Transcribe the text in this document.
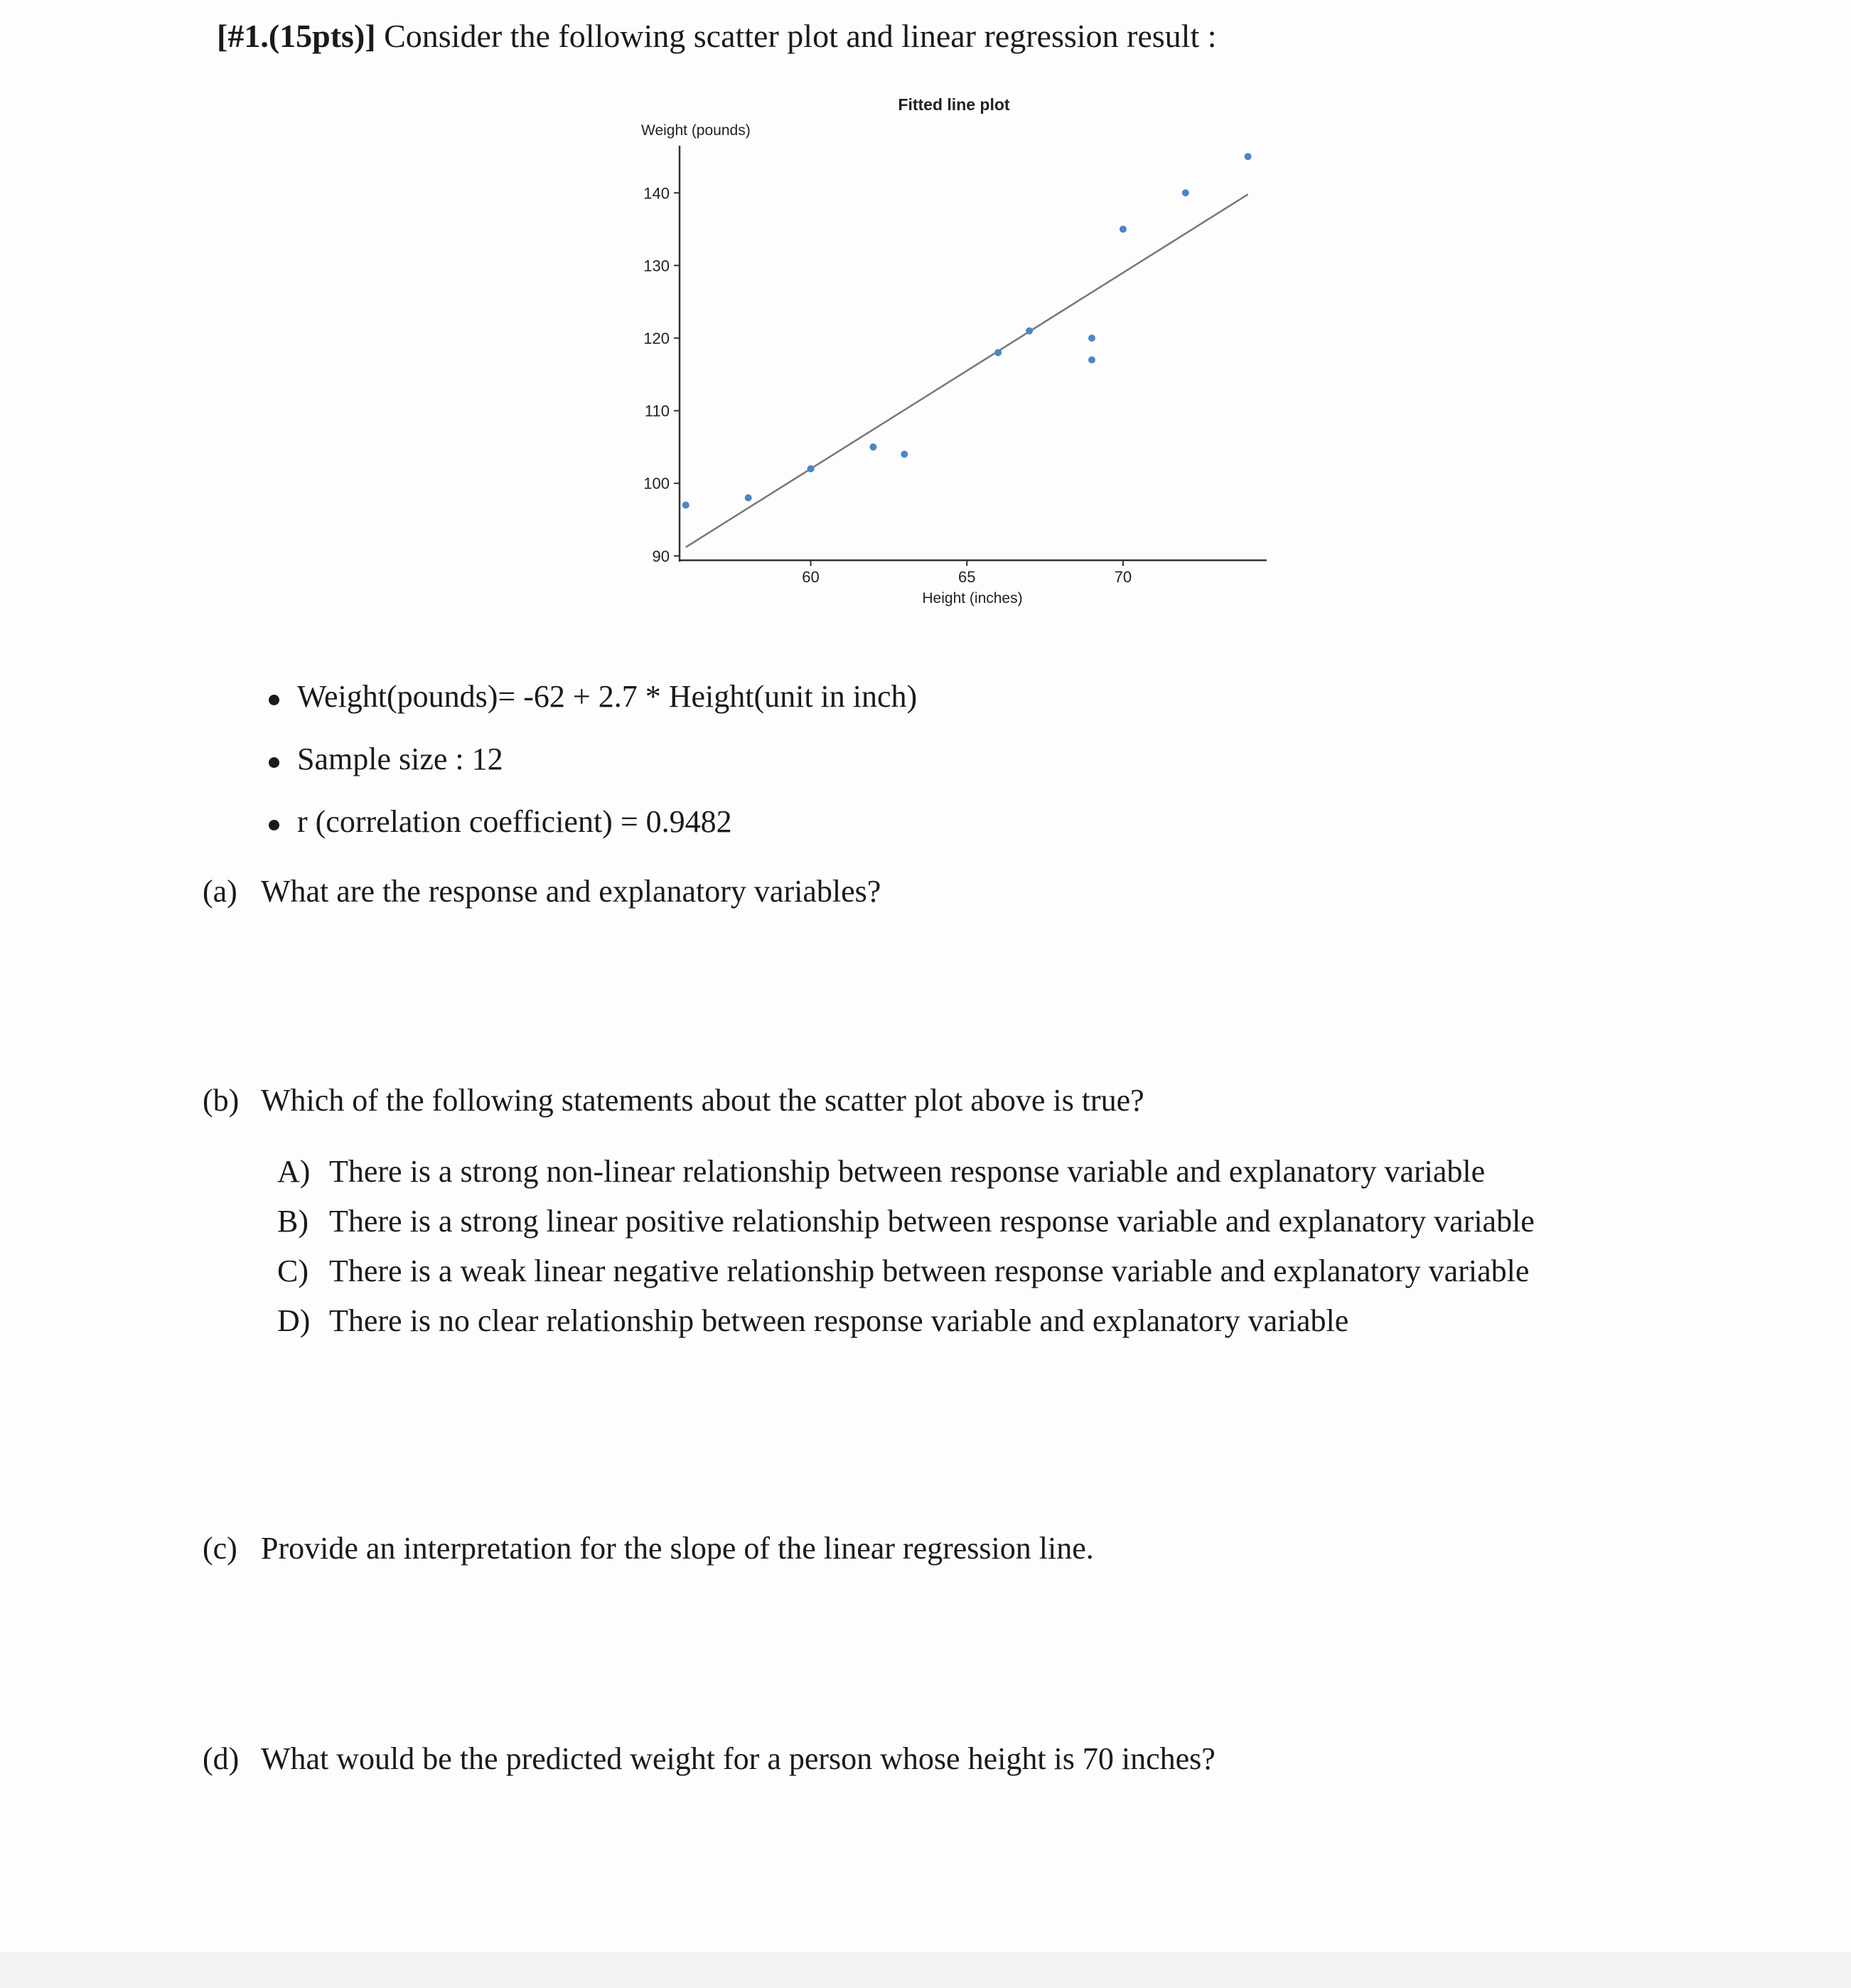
[#1.(15pts)] Consider the following scatter plot and linear regression result :
Fitted line plot
Weight (pounds)
Height (inches)
90
100
110
120
130
140
60	65	70
Weight(pounds)= -62 + 2.7 * Height(unit in inch)
Sample size : 12
r (correlation coefficient) = 0.9482
(a) What are the response and explanatory variables?
(b) Which of the following statements about the scatter plot above is true?
A) There is a strong non-linear relationship between response variable and explanatory variable
B) There is a strong linear positive relationship between response variable and explanatory variable
C) There is a weak linear negative relationship between response variable and explanatory variable
D) There is no clear relationship between response variable and explanatory variable
(c) Provide an interpretation for the slope of the linear regression line.
(d) What would be the predicted weight for a person whose height is 70 inches?
